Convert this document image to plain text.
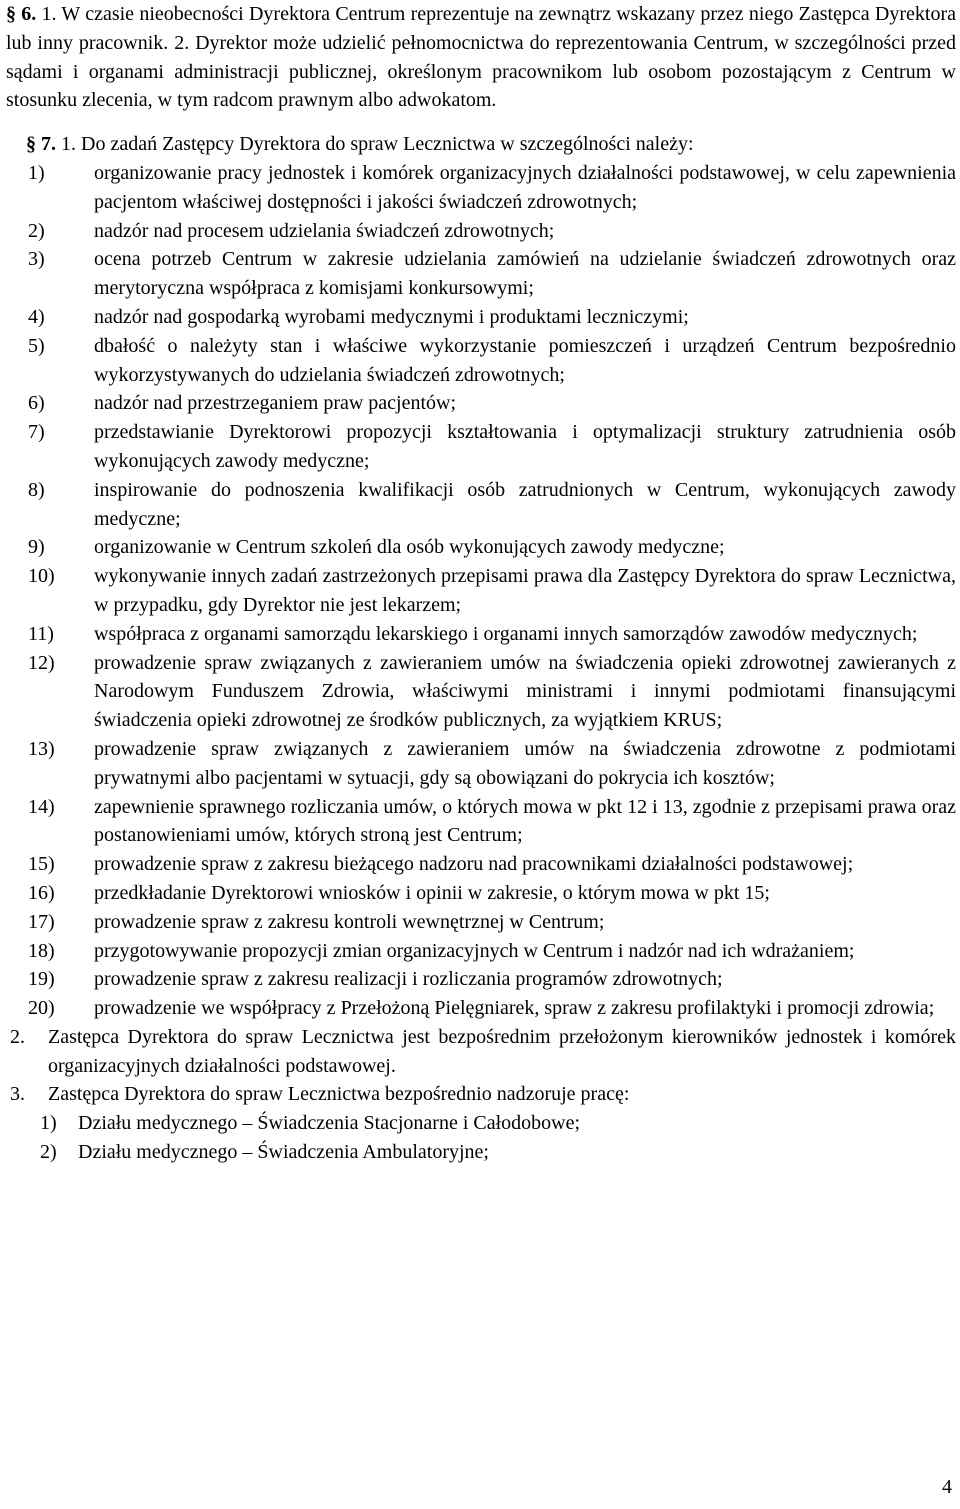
§ 6. 1. W czasie nieobecności Dyrektora Centrum reprezentuje na zewnątrz wskazany przez niego Zastępca Dyrektora lub inny pracownik. 2. Dyrektor może udzielić pełnomocnictwa do reprezentowania Centrum, w szczególności przed sądami i organami administracji publicznej, określonym pracownikom lub osobom pozostającym z Centrum w stosunku zlecenia, w tym radcom prawnym albo adwokatom.

§ 7. 1. Do zadań Zastępcy Dyrektora do spraw Lecznictwa w szczególności należy:

1) organizowanie pracy jednostek i komórek organizacyjnych działalności podstawowej, w celu zapewnienia pacjentom właściwej dostępności i jakości świadczeń zdrowotnych;
2) nadzór nad procesem udzielania świadczeń zdrowotnych;
3) ocena potrzeb Centrum w zakresie udzielania zamówień na udzielanie świadczeń zdrowotnych oraz merytoryczna współpraca z komisjami konkursowymi;
4) nadzór nad gospodarką wyrobami medycznymi i produktami leczniczymi;
5) dbałość o należyty stan i właściwe wykorzystanie pomieszczeń i urządzeń Centrum bezpośrednio wykorzystywanych do udzielania świadczeń zdrowotnych;
6) nadzór nad przestrzeganiem praw pacjentów;
7) przedstawianie Dyrektorowi propozycji kształtowania i optymalizacji struktury zatrudnienia osób wykonujących zawody medyczne;
8) inspirowanie do podnoszenia kwalifikacji osób zatrudnionych w Centrum, wykonujących zawody medyczne;
9) organizowanie w Centrum szkoleń dla osób wykonujących zawody medyczne;
10) wykonywanie innych zadań zastrzeżonych przepisami prawa dla Zastępcy Dyrektora do spraw Lecznictwa, w przypadku, gdy Dyrektor nie jest lekarzem;
11) współpraca z organami samorządu lekarskiego i organami innych samorządów zawodów medycznych;
12) prowadzenie spraw związanych z zawieraniem umów na świadczenia opieki zdrowotnej zawieranych z Narodowym Funduszem Zdrowia, właściwymi ministrami i innymi podmiotami finansującymi świadczenia opieki zdrowotnej ze środków publicznych, za wyjątkiem KRUS;
13) prowadzenie spraw związanych z zawieraniem umów na świadczenia zdrowotne z podmiotami prywatnymi albo pacjentami w sytuacji, gdy są obowiązani do pokrycia ich kosztów;
14) zapewnienie sprawnego rozliczania umów, o których mowa w pkt 12 i 13, zgodnie z przepisami prawa oraz postanowieniami umów, których stroną jest Centrum;
15) prowadzenie spraw z zakresu bieżącego nadzoru nad pracownikami działalności podstawowej;
16) przedkładanie Dyrektorowi wniosków i opinii w zakresie, o którym mowa w pkt 15;
17) prowadzenie spraw z zakresu kontroli wewnętrznej w Centrum;
18) przygotowywanie propozycji zmian organizacyjnych w Centrum i nadzór nad ich wdrażaniem;
19) prowadzenie spraw z zakresu realizacji i rozliczania programów zdrowotnych;
20) prowadzenie we współpracy z Przełożoną Pielęgniarek, spraw z zakresu profilaktyki i promocji zdrowia;
2. Zastępca Dyrektora do spraw Lecznictwa jest bezpośrednim przełożonym kierowników jednostek i komórek organizacyjnych działalności podstawowej.
3. Zastępca Dyrektora do spraw Lecznictwa bezpośrednio nadzoruje pracę:
1) Działu medycznego – Świadczenia Stacjonarne i Całodobowe;
2) Działu medycznego – Świadczenia Ambulatoryjne;
4
